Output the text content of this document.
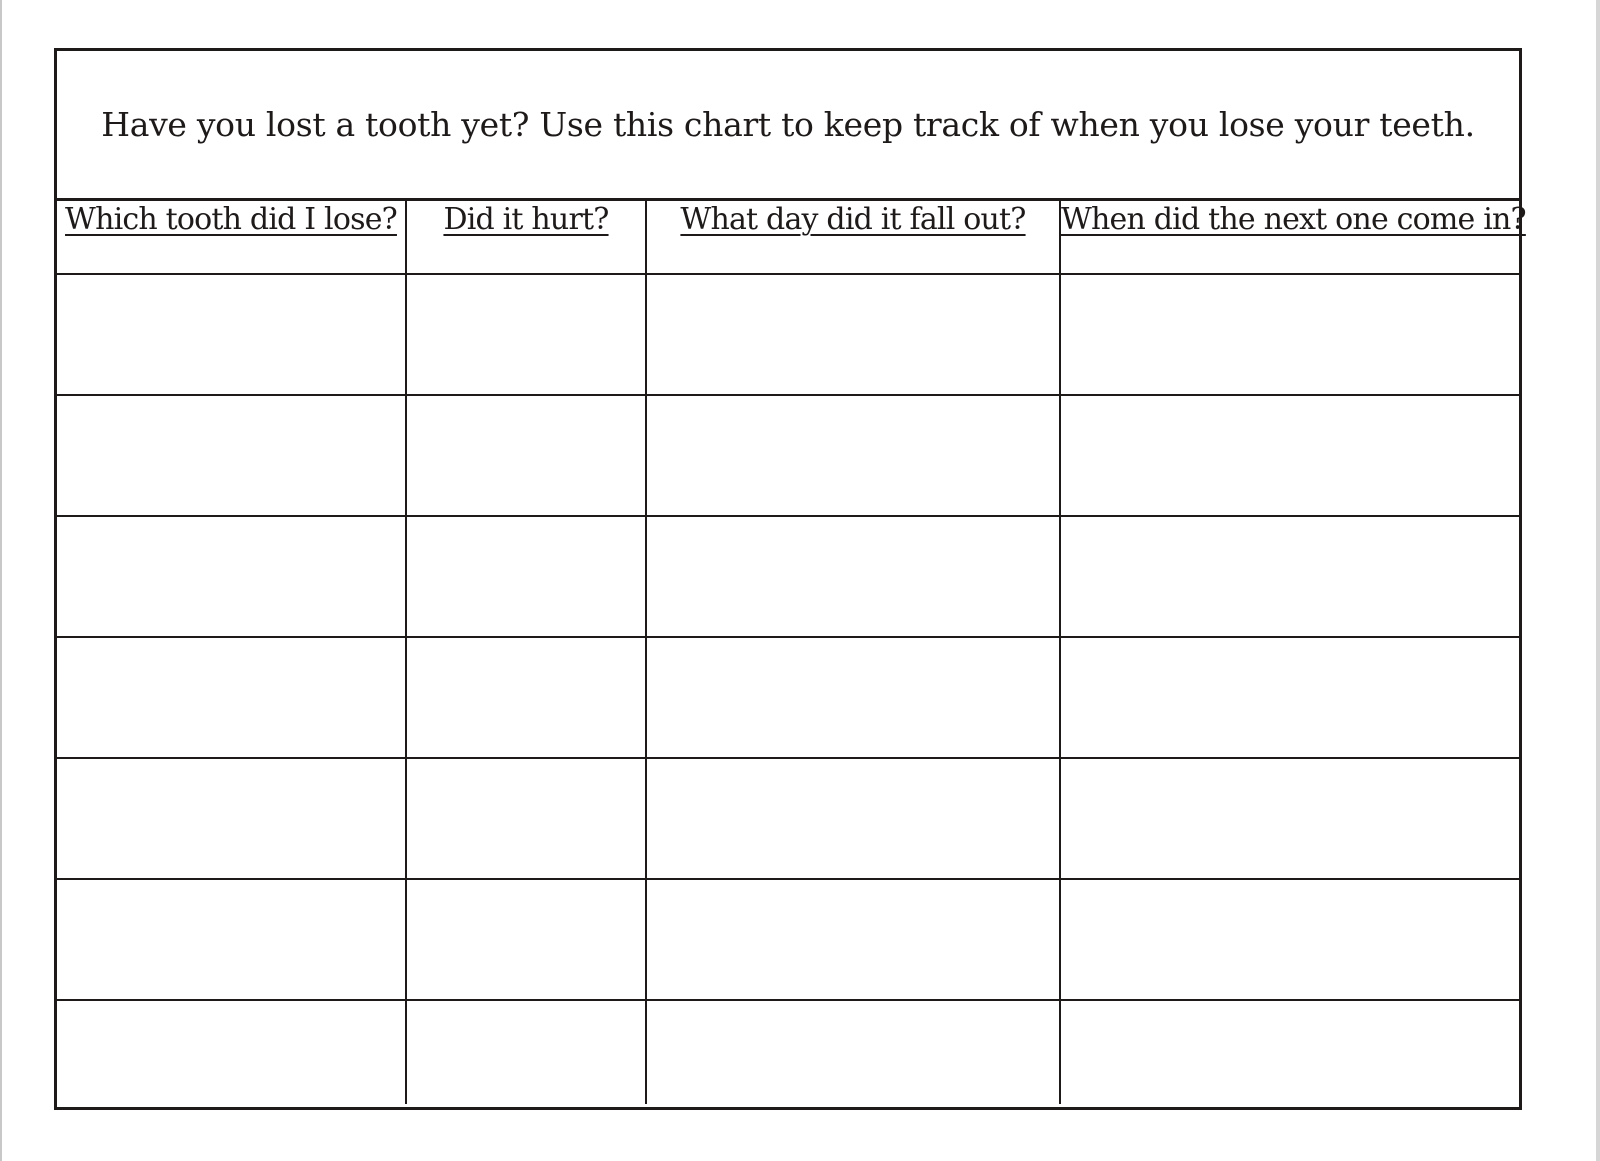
Have you lost a tooth yet? Use this chart to keep track of when you lose your teeth.
Which tooth did I lose?	Did it hurt?	What day did it fall out?	When did the next one come in?
